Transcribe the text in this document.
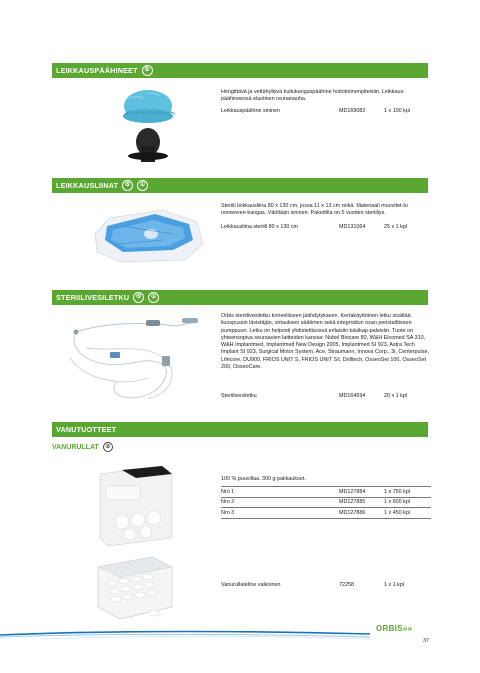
LEIKKAUSPÄÄHINEET	⑤
Hengittävä ja vettähylkivä kuitukangaspäähine hoitotoimenpiteisiin. Leikkaus-päähineessä elastinen reunanauha.
Leikkauspäähine sininen	MD169082	1 x 100 kpl
LEIKKAUSLIINAT	⑤	①
Steriili leikkausliina 80 x 130 cm, jossa 11 x 13 cm reikä. Materiaali muovitet-tu nonwoven-kangas. Väriltään sininen. Pakettilla on 5 vuoden steriiliys.
Leikkausliina steriili 80 x 130 cm	MD131064	25 x 1 kpl
STERIILIVESILETKU	⑤	①
Orbis steriilivesiletku koneelliseen jäähdytykseen. Kertakäyttöinen letku sisältää liuospussin lävistäjän, virtauksen säätimen sekä integroidun osan peristalttiseen pumppuun. Letku on helposti yhdistettävissä erilaisiin käsikap-paleisiin. Tuote on yhteensopiva seuraavien laitteiden kanssa: Nobel Biocare 80, W&H Elcomed SA 310, W&H Implantmed, Implantmed New Design 2005, Implantmed SI 923, Astra Tech Implant SI 923, Surgical Motor System, Ace, Straumann, Innova Corp., 3i, Centerpulse, Lifecore, DU900, FRIOS UNIT S, FRIOS UNIT S/i, Drilltech, OsseoSet 100, OsseoSet 200, OsseoCare.
Steriilivesiletku	MD164694	20 x 1 kpl
VANUTUOTTEET
VANURULLAT	②
100 % puuvillaa. 300 g pakkaukset.
Nro 1	MD127884	1 x 750 kpl
Nro 2	MD127885	1 x 600 kpl
Nro 3	MD127886	1 x 450 kpl
Vanurullateline valkoinen	72258	1 x 1 kpl
ORBIS»»
37
